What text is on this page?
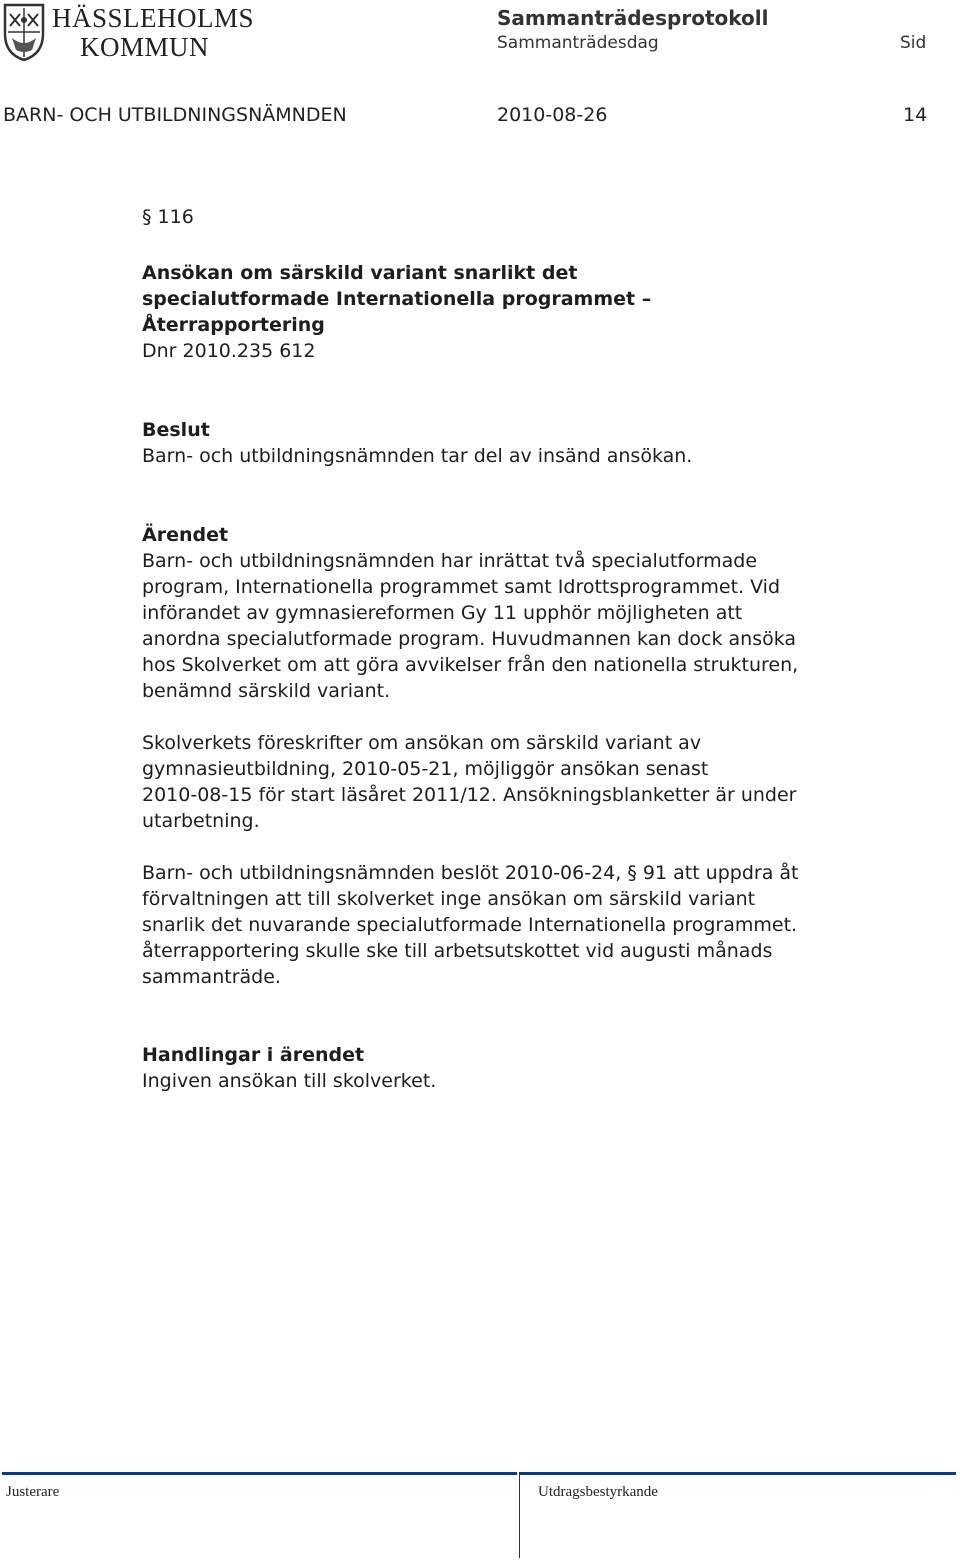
HÄSSLEHOLMS
KOMMUN
Sammanträdesprotokoll
Sammanträdesdag	Sid
BARN- OCH UTBILDNINGSNÄMNDEN	2010-08-26	14

§ 116

Ansökan om särskild variant snarlikt det

specialutformade Internationella programmet –

Återrapportering

Dnr 2010.235 612

Beslut

Barn- och utbildningsnämnden tar del av insänd ansökan.

Ärendet

Barn- och utbildningsnämnden har inrättat två specialutformade

program, Internationella programmet samt Idrottsprogrammet. Vid

införandet av gymnasiereformen Gy 11 upphör möjligheten att

anordna specialutformade program. Huvudmannen kan dock ansöka

hos Skolverket om att göra avvikelser från den nationella strukturen,

benämnd särskild variant.

Skolverkets föreskrifter om ansökan om särskild variant av

gymnasieutbildning, 2010-05-21, möjliggör ansökan senast

2010-08-15 för start läsåret 2011/12. Ansökningsblanketter är under

utarbetning.

Barn- och utbildningsnämnden beslöt 2010-06-24, § 91 att uppdra åt

förvaltningen att till skolverket inge ansökan om särskild variant

snarlik det nuvarande specialutformade Internationella programmet.

återrapportering skulle ske till arbetsutskottet vid augusti månads

sammanträde.

Handlingar i ärendet

Ingiven ansökan till skolverket.

Justerare	Utdragsbestyrkande
